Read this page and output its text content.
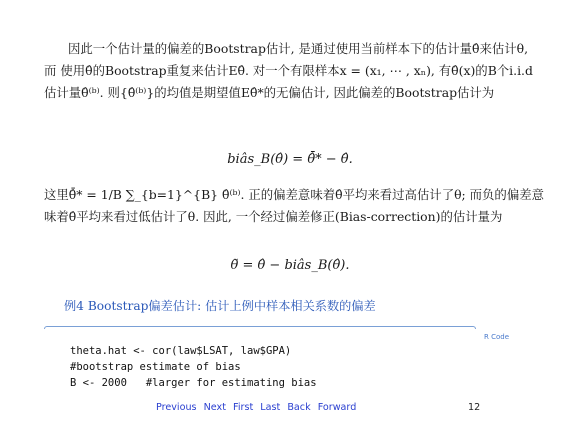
因此一个估计量的偏差的Bootstrap估计, 是通过使用当前样本下的估计量θ̂来估计θ, 而 使用θ̂的Bootstrap重复来估计Eθ̂. 对一个有限样本x = (x₁, ⋯ , xₙ), 有θ̂(x)的B个i.i.d估计量θ̂⁽ᵇ⁾. 则{θ̂⁽ᵇ⁾}的均值是期望值Eθ̂*的无偏估计, 因此偏差的Bootstrap估计为

biâs_B(θ̂) = θ̂̄* − θ̂.

这里θ̂̄* = 1/B ∑_{b=1}^{B} θ̂⁽ᵇ⁾. 正的偏差意味着θ̂平均来看过高估计了θ; 而负的偏差意味着θ̂平均来看过低估计了θ. 因此, 一个经过偏差修正(Bias-correction)的估计量为

θ̃ = θ̂ − biâs_B(θ̂).
例4 Bootstrap偏差估计: 估计上例中样本相关系数的偏差
R Code
theta.hat <- cor(law$LSAT, law$GPA)
#bootstrap estimate of bias
B <- 2000   #larger for estimating bias
Previous Next First Last Back Forward	12
